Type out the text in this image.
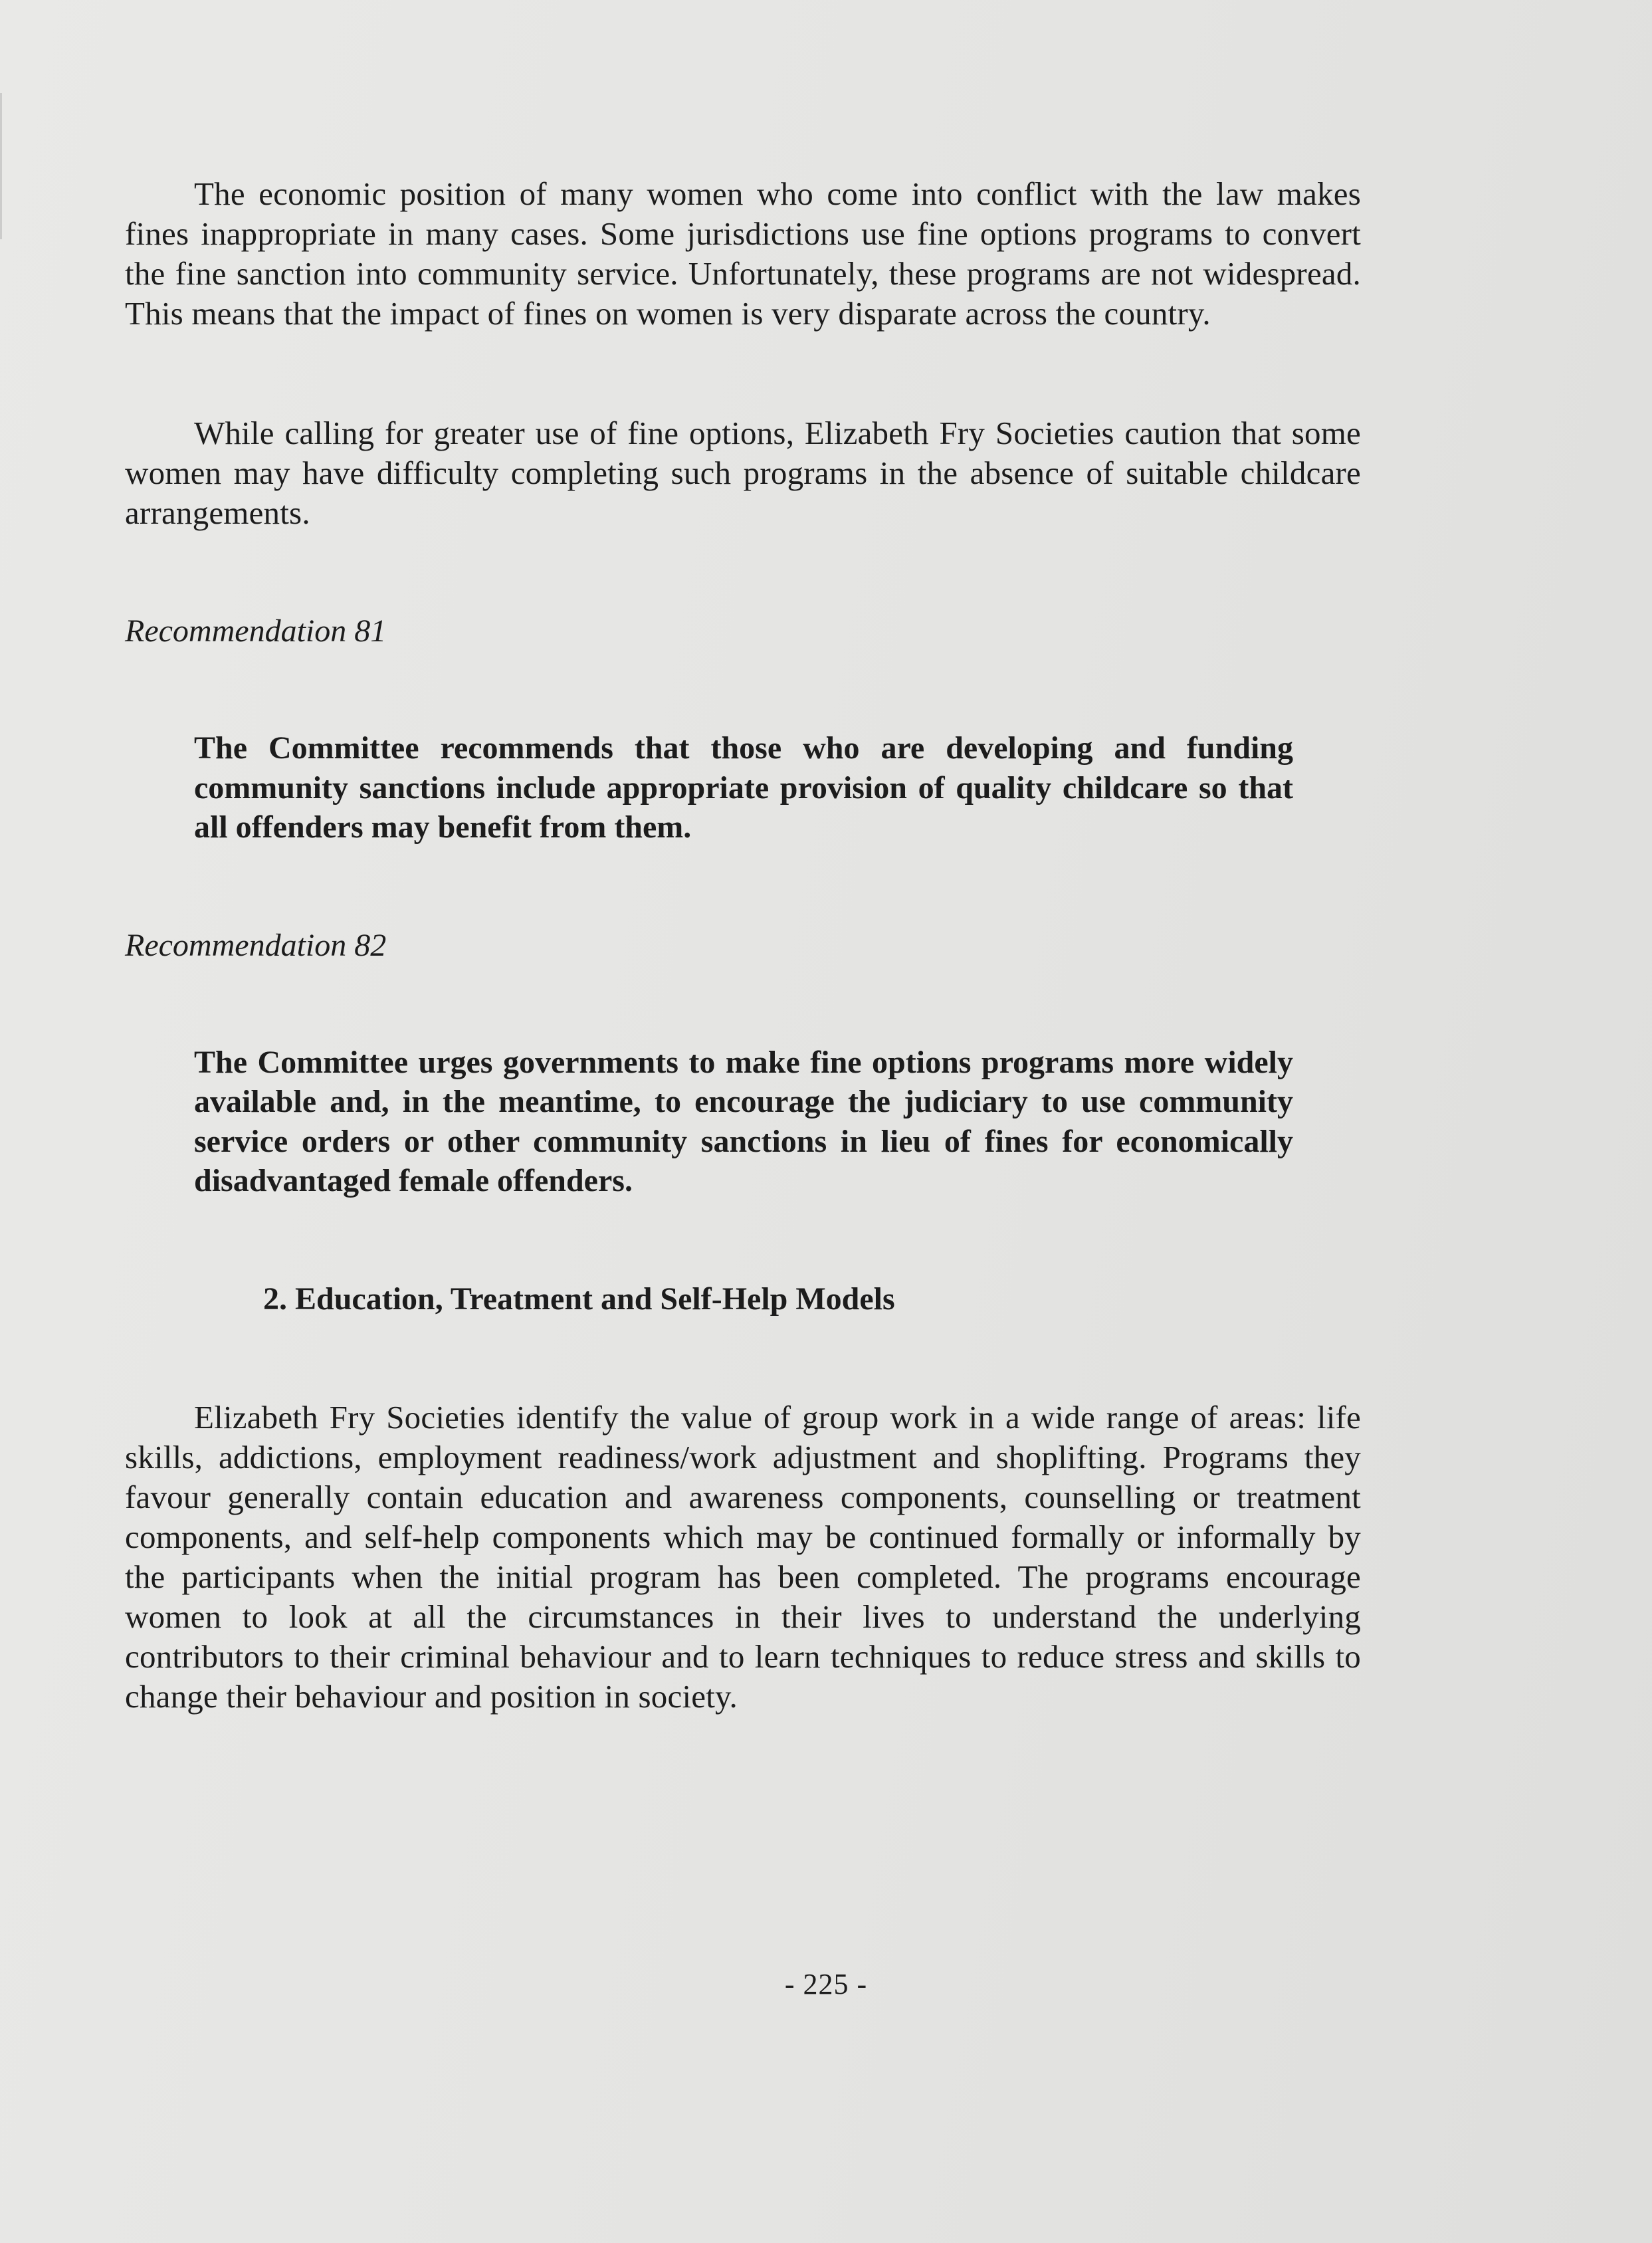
The economic position of many women who come into conflict with the law makes fines inappropriate in many cases. Some jurisdictions use fine options programs to convert the fine sanction into community service. Unfortunately, these programs are not widespread. This means that the impact of fines on women is very disparate across the country.

While calling for greater use of fine options, Elizabeth Fry Societies caution that some women may have difficulty completing such programs in the absence of suitable childcare arrangements.

Recommendation 81

The Committee recommends that those who are developing and funding community sanctions include appropriate provision of quality childcare so that all offenders may benefit from them.

Recommendation 82

The Committee urges governments to make fine options programs more widely available and, in the meantime, to encourage the judiciary to use community service orders or other community sanctions in lieu of fines for economically disadvantaged female offenders.

2. Education, Treatment and Self-Help Models

Elizabeth Fry Societies identify the value of group work in a wide range of areas: life skills, addictions, employment readiness/work adjustment and shoplifting. Programs they favour generally contain education and awareness components, counselling or treatment components, and self-help components which may be continued formally or informally by the participants when the initial program has been completed. The programs encourage women to look at all the circumstances in their lives to understand the underlying contributors to their criminal behaviour and to learn techniques to reduce stress and skills to change their behaviour and position in society.

- 225 -
